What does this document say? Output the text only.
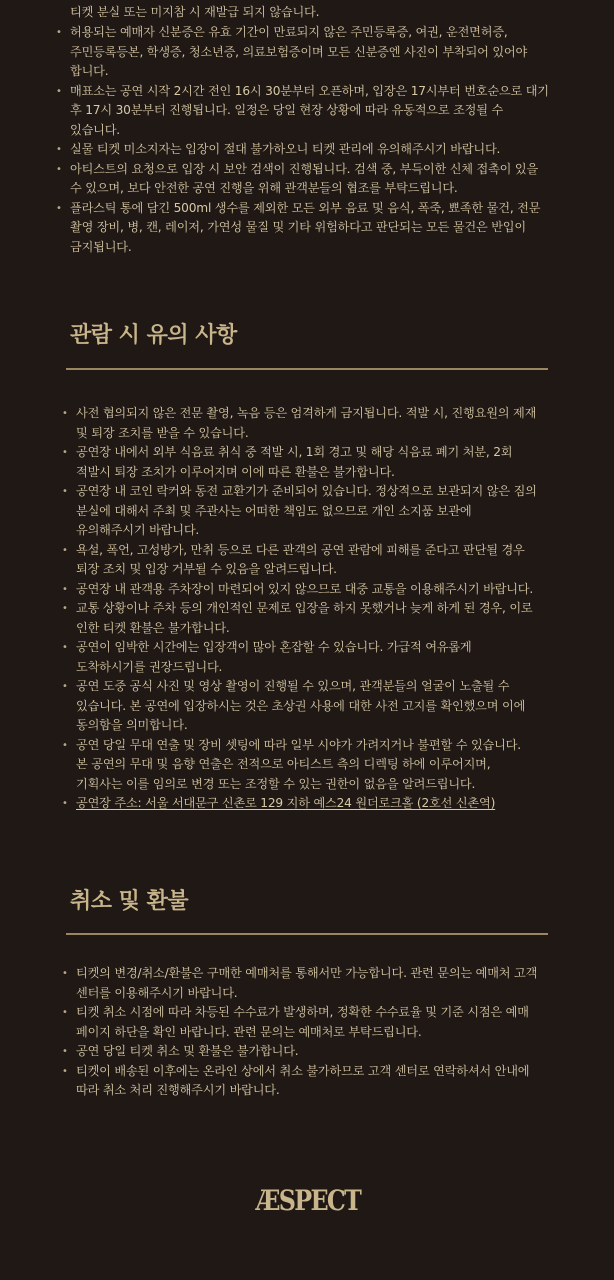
티켓 분실 또는 미지참 시 재발급 되지 않습니다.
• 허용되는 예매자 신분증은 유효 기간이 만료되지 않은 주민등록증, 여권, 운전면허증,
주민등록등본, 학생증, 청소년증, 의료보험증이며 모든 신분증엔 사진이 부착되어 있어야
합니다.
• 매표소는 공연 시작 2시간 전인 16시 30분부터 오픈하며, 입장은 17시부터 번호순으로 대기
후 17시 30분부터 진행됩니다. 일정은 당일 현장 상황에 따라 유동적으로 조정될 수
있습니다.
• 실물 티켓 미소지자는 입장이 절대 불가하오니 티켓 관리에 유의해주시기 바랍니다.
• 아티스트의 요청으로 입장 시 보안 검색이 진행됩니다. 검색 중, 부득이한 신체 접촉이 있을
수 있으며, 보다 안전한 공연 진행을 위해 관객분들의 협조를 부탁드립니다.
• 플라스틱 통에 담긴 500ml 생수를 제외한 모든 외부 음료 및 음식, 폭죽, 뾰족한 물건, 전문
촬영 장비, 병, 캔, 레이저, 가연성 물질 및 기타 위험하다고 판단되는 모든 물건은 반입이
금지됩니다.
관람 시 유의 사항
• 사전 협의되지 않은 전문 촬영, 녹음 등은 엄격하게 금지됩니다. 적발 시, 진행요원의 제재
및 퇴장 조치를 받을 수 있습니다.
• 공연장 내에서 외부 식음료 취식 중 적발 시, 1회 경고 및 해당 식음료 폐기 처분, 2회
적발시 퇴장 조치가 이루어지며 이에 따른 환불은 불가합니다.
• 공연장 내 코인 락커와 동전 교환기가 준비되어 있습니다. 정상적으로 보관되지 않은 짐의
분실에 대해서 주최 및 주관사는 어떠한 책임도 없으므로 개인 소지품 보관에
유의해주시기 바랍니다.
• 욕설, 폭언, 고성방가, 만취 등으로 다른 관객의 공연 관람에 피해를 준다고 판단될 경우
퇴장 조치 및 입장 거부될 수 있음을 알려드립니다.
• 공연장 내 관객용 주차장이 마련되어 있지 않으므로 대중 교통을 이용해주시기 바랍니다.
• 교통 상황이나 주차 등의 개인적인 문제로 입장을 하지 못했거나 늦게 하게 된 경우, 이로
인한 티켓 환불은 불가합니다.
• 공연이 임박한 시간에는 입장객이 많아 혼잡할 수 있습니다. 가급적 여유롭게
도착하시기를 권장드립니다.
• 공연 도중 공식 사진 및 영상 촬영이 진행될 수 있으며, 관객분들의 얼굴이 노출될 수
있습니다. 본 공연에 입장하시는 것은 초상권 사용에 대한 사전 고지를 확인했으며 이에
동의함을 의미합니다.
• 공연 당일 무대 연출 및 장비 셋팅에 따라 일부 시야가 가려지거나 불편할 수 있습니다.
본 공연의 무대 및 음향 연출은 전적으로 아티스트 측의 디렉팅 하에 이루어지며,
기획사는 이를 임의로 변경 또는 조정할 수 있는 권한이 없음을 알려드립니다.
• 공연장 주소: 서울 서대문구 신촌로 129 지하 예스24 원더로크홀 (2호선 신촌역)
취소 및 환불
• 티켓의 변경/취소/환불은 구매한 예매처를 통해서만 가능합니다. 관련 문의는 예매처 고객
센터를 이용해주시기 바랍니다.
• 티켓 취소 시점에 따라 차등된 수수료가 발생하며, 정확한 수수료율 및 기준 시점은 예매
페이지 하단을 확인 바랍니다. 관련 문의는 예매처로 부탁드립니다.
• 공연 당일 티켓 취소 및 환불은 불가합니다.
• 티켓이 배송된 이후에는 온라인 상에서 취소 불가하므로 고객 센터로 연락하셔서 안내에
따라 취소 처리 진행해주시기 바랍니다.
ÆSPECT
